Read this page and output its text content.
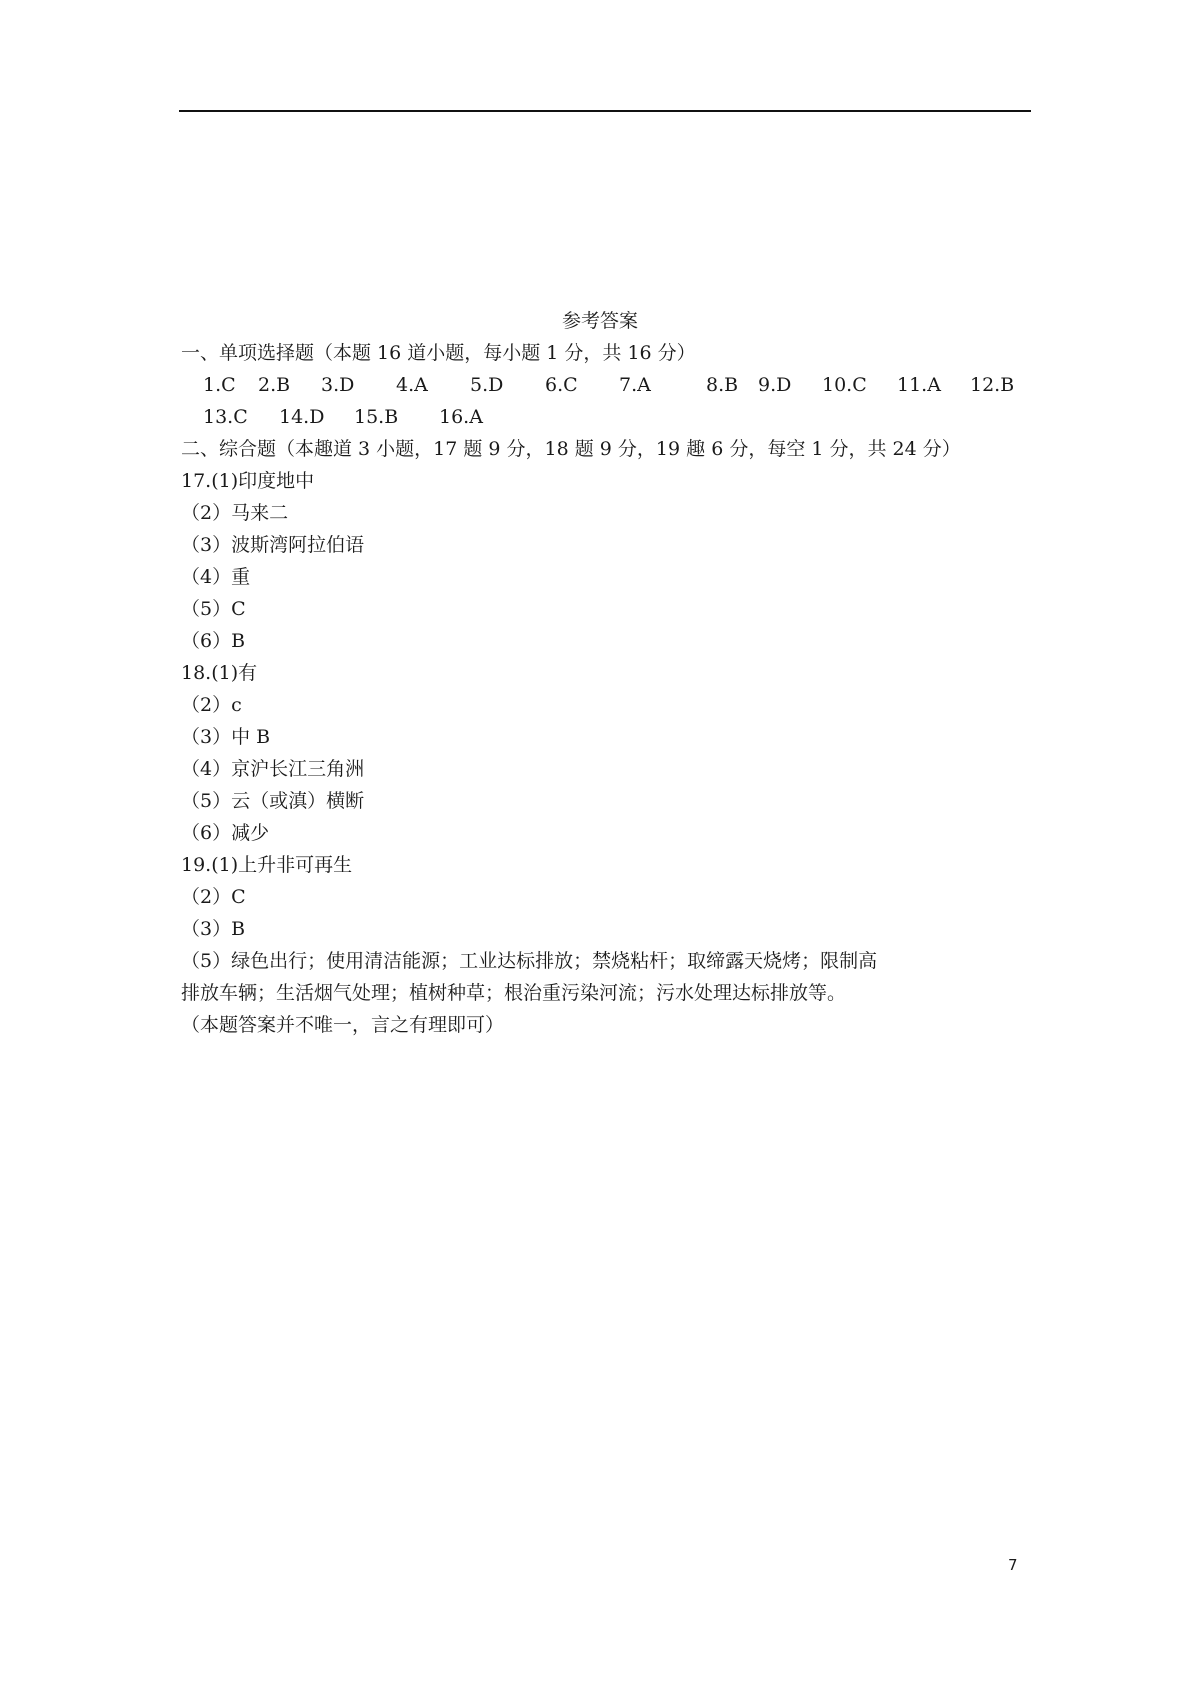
参考答案
一、单项选择题（本题 16 道小题，每小题 1 分，共 16 分）
1.C 2.B 3.D 4.A 5.D 6.C 7.A	8.B 9.D 10.C 11.A 12.B
13.C 14.D 15.B 16.A
二、综合题（本趣道 3 小题，17 题 9 分，18 题 9 分，19 趣 6 分，每空 1 分，共 24 分）
17.(1)印度地中
（2）马来二
（3）波斯湾阿拉伯语
（4）重
（5）C
（6）B
18.(1)有
（2）c
（3）中 B
（4）京沪长江三角洲
（5）云（或滇）横断
（6）减少
19.(1)上升非可再生
（2）C
（3）B
（5）绿色出行；使用清洁能源；工业达标排放；禁烧粘杆；取缔露天烧烤；限制高
排放车辆；生活烟气处理；植树种草；根治重污染河流；污水处理达标排放等。
（本题答案并不唯一，言之有理即可）
7
